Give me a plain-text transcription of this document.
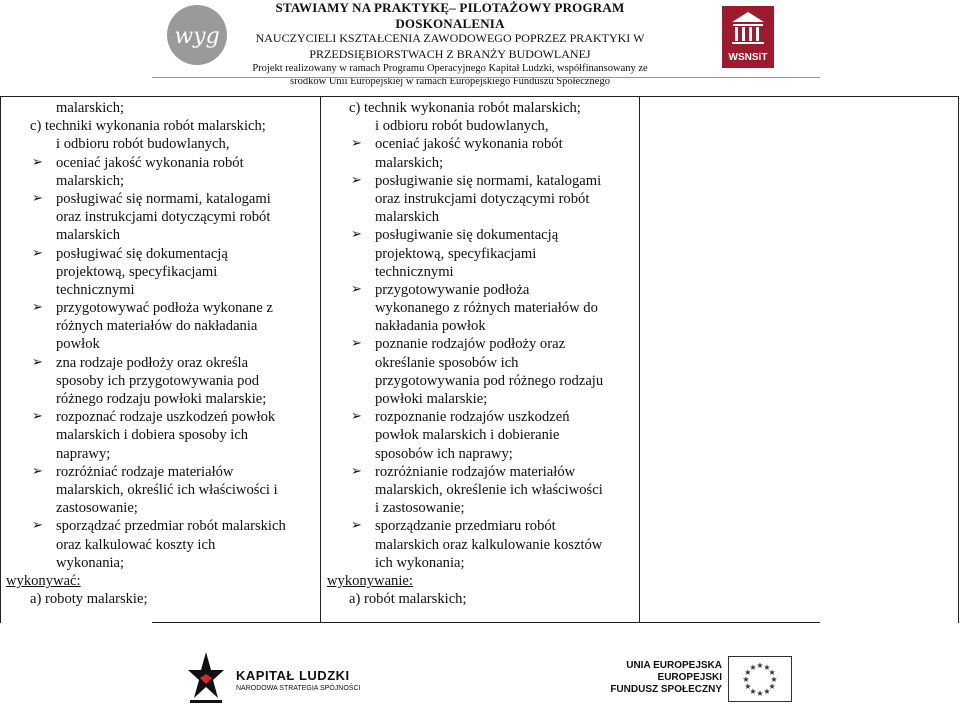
wyg
STAWIAMY NA PRAKTYKĘ– PILOTAŻOWY PROGRAM DOSKONALENIA
NAUCZYCIELI KSZTAŁCENIA ZAWODOWEGO POPRZEZ PRAKTYKI W
PRZEDSIĘBIORSTWACH Z BRANŻY BUDOWLANEJ
Projekt realizowany w ramach Programu Operacyjnego Kapitał Ludzki, współfinansowany ze
środków Unii Europejskiej w ramach Europejskiego Funduszu Społecznego
WSNSiT
malarskich;
c) techniki wykonania robót malarskich;
i odbioru robót budowlanych,
➢ oceniać jakość wykonania robót
malarskich;
➢ posługiwać się normami, katalogami
oraz instrukcjami dotyczącymi robót
malarskich
➢ posługiwać się dokumentacją
projektową, specyfikacjami
technicznymi
➢ przygotowywać podłoża wykonane z
różnych materiałów do nakładania
powłok
➢ zna rodzaje podłoży oraz określa
sposoby ich przygotowywania pod
różnego rodzaju powłoki malarskie;
➢ rozpoznać rodzaje uszkodzeń powłok
malarskich i dobiera sposoby ich
naprawy;
➢ rozróżniać rodzaje materiałów
malarskich, określić ich właściwości i
zastosowanie;
➢ sporządzać przedmiar robót malarskich
oraz kalkulować koszty ich
wykonania;
wykonywać:
a) roboty malarskie;
c) technik wykonania robót malarskich;
i odbioru robót budowlanych,
➢ oceniać jakość wykonania robót
malarskich;
➢ posługiwanie się normami, katalogami
oraz instrukcjami dotyczącymi robót
malarskich
➢ posługiwanie się dokumentacją
projektową, specyfikacjami
technicznymi
➢ przygotowywanie podłoża
wykonanego z różnych materiałów do
nakładania powłok
➢ poznanie rodzajów podłoży oraz
określanie sposobów ich
przygotowywania pod różnego rodzaju
powłoki malarskie;
➢ rozpoznanie rodzajów uszkodzeń
powłok malarskich i dobieranie
sposobów ich naprawy;
➢ rozróżnianie rodzajów materiałów
malarskich, określenie ich właściwości
i zastosowanie;
➢ sporządzanie przedmiaru robót
malarskich oraz kalkulowanie kosztów
ich wykonania;
wykonywanie:
a) robót malarskich;
KAPITAŁ LUDZKI
NARODOWA STRATEGIA SPÓJNOŚCI
UNIA EUROPEJSKA
EUROPEJSKI
FUNDUSZ SPOŁECZNY
★
★
★
★
★
★
★
★
★ ★ ★
★
